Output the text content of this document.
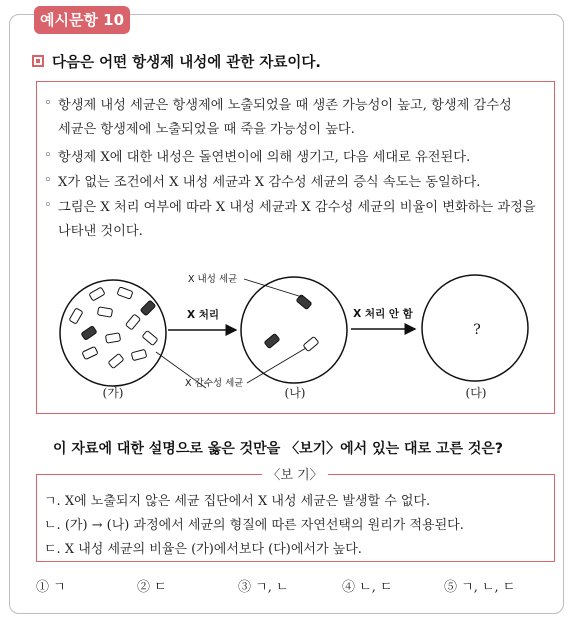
예시문항 10
다음은 어떤 항생제 내성에 관한 자료이다.
◦ 항생제 내성 세균은 항생제에 노출되었을 때 생존 가능성이 높고, 항생제 감수성
세균은 항생제에 노출되었을 때 죽을 가능성이 높다.
◦ 항생제 X에 대한 내성은 돌연변이에 의해 생기고, 다음 세대로 유전된다.
◦ X가 없는 조건에서 X 내성 세균과 X 감수성 세균의 증식 속도는 동일하다.
◦ 그림은 X 처리 여부에 따라 X 내성 세균과 X 감수성 세균의 비율이 변화하는 과정을
나타낸 것이다.
X 처리
X 내성 세균
X 감수성 세균
X 처리 안 함
?
(가)	(나)	(다)
이 자료에 대한 설명으로 옳은 것만을 〈보기〉에서 있는 대로 고른 것은?
〈보 기〉
ㄱ. X에 노출되지 않은 세균 집단에서 X 내성 세균은 발생할 수 없다.
ㄴ. (가) → (나) 과정에서 세균의 형질에 따른 자연선택의 원리가 적용된다.
ㄷ. X 내성 세균의 비율은 (가)에서보다 (다)에서가 높다.
① ㄱ	② ㄷ	③ ㄱ, ㄴ	④ ㄴ, ㄷ	⑤ ㄱ, ㄴ, ㄷ
